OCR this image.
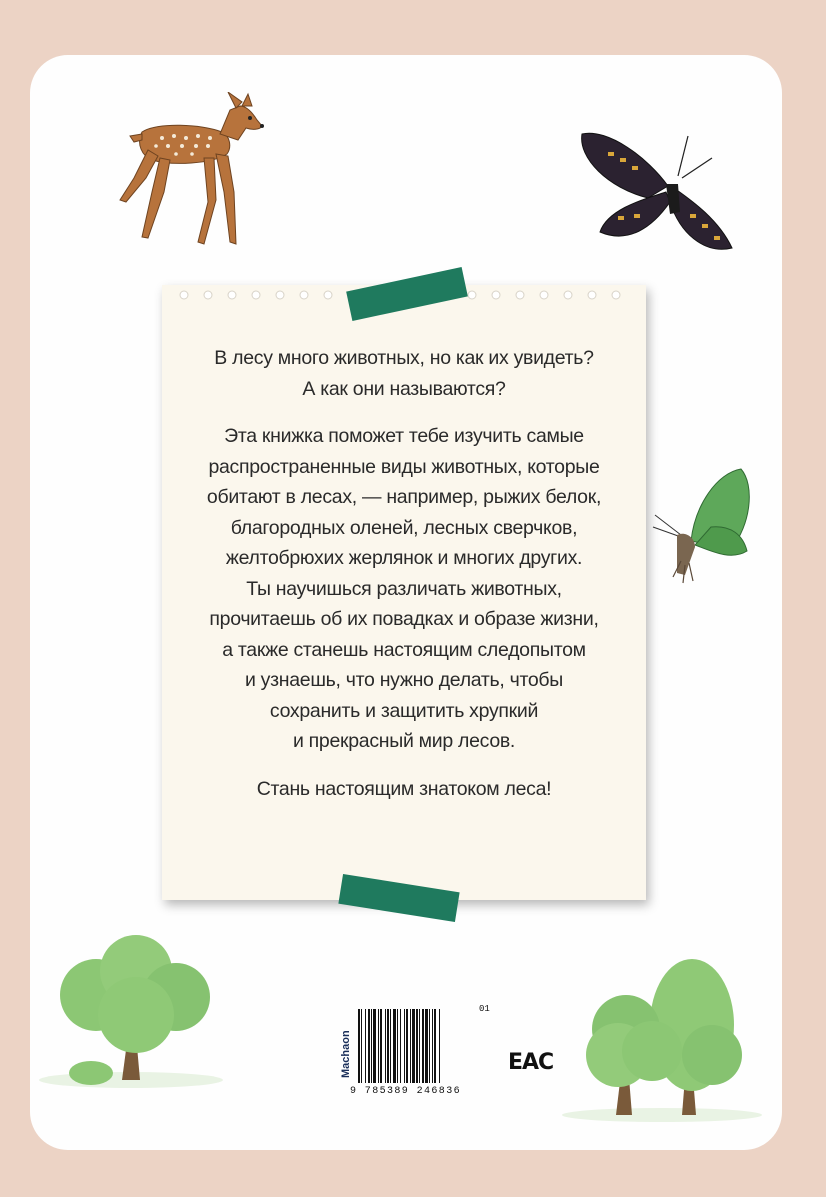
В лесу много животных, но как их увидеть?
А как они называются?

Эта книжка поможет тебе изучить самые
распространенные виды животных, которые
обитают в лесах, — например, рыжих белок,
благородных оленей, лесных сверчков,
желтобрюхих жерлянок и многих других.
Ты научишься различать животных,
прочитаешь об их повадках и образе жизни,
а также станешь настоящим следопытом
и узнаешь, что нужно делать, чтобы
сохранить и защитить хрупкий
и прекрасный мир лесов.

Стань настоящим знатоком леса!

Machaon
01
9 785389 246836
ЕАС
